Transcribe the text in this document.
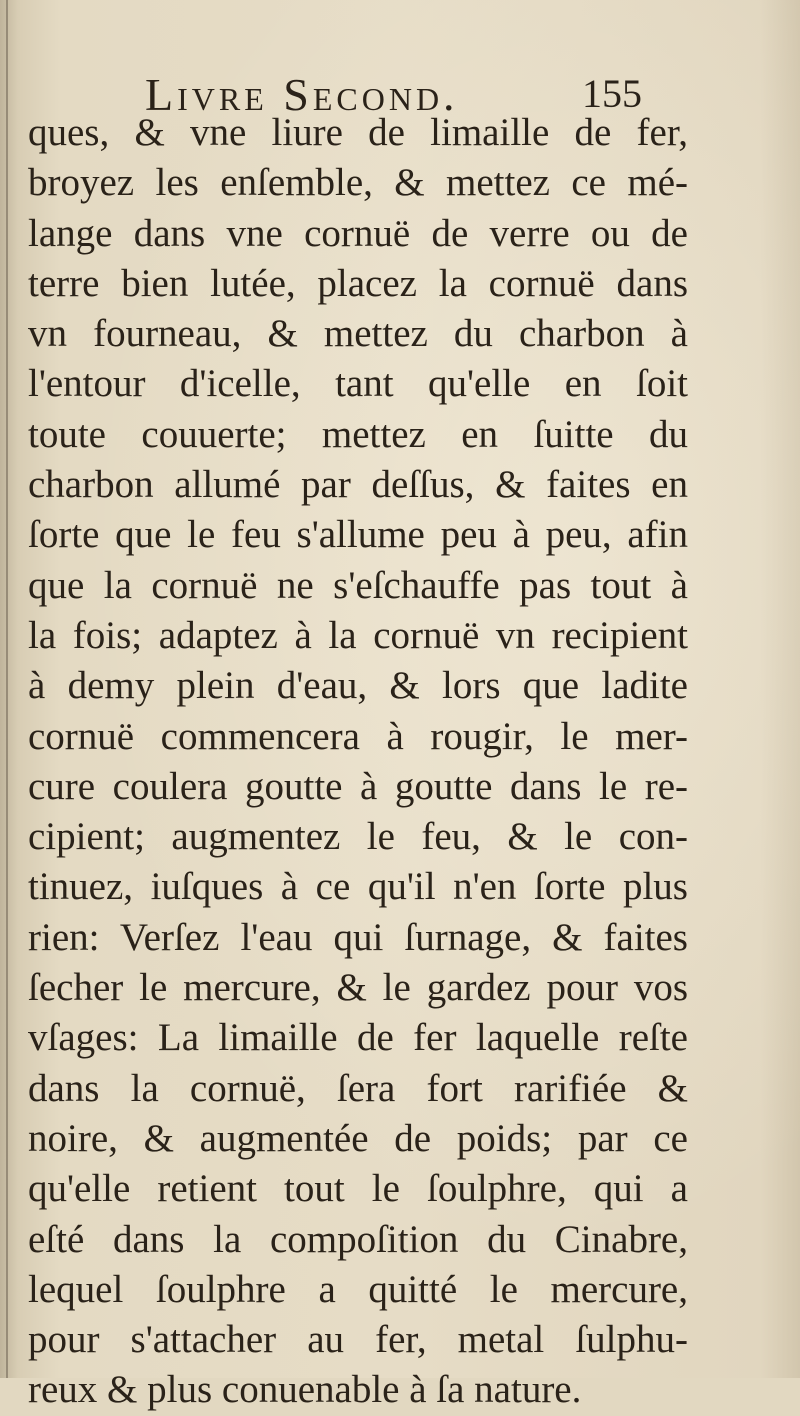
Livre Second.	155
ques, & vne liure de limaille de fer,
broyez les enſemble, & mettez ce mé-
lange dans vne cornuë de verre ou de
terre bien lutée, placez la cornuë dans
vn fourneau, & mettez du charbon à
l'entour d'icelle, tant qu'elle en ſoit
toute couuerte; mettez en ſuitte du
charbon allumé par deſſus, & faites en
ſorte que le feu s'allume peu à peu, afin
que la cornuë ne s'eſchauffe pas tout à
la fois; adaptez à la cornuë vn recipient
à demy plein d'eau, & lors que ladite
cornuë commencera à rougir, le mer-
cure coulera goutte à goutte dans le re-
cipient; augmentez le feu, & le con-
tinuez, iuſques à ce qu'il n'en ſorte plus
rien: Verſez l'eau qui ſurnage, & faites
ſecher le mercure, & le gardez pour vos
vſages: La limaille de fer laquelle reſte
dans la cornuë, ſera fort rarifiée &
noire, & augmentée de poids; par ce
qu'elle retient tout le ſoulphre, qui a
eſté dans la compoſition du Cinabre,
lequel ſoulphre a quitté le mercure,
pour s'attacher au fer, metal ſulphu-
reux & plus conuenable à ſa nature.
